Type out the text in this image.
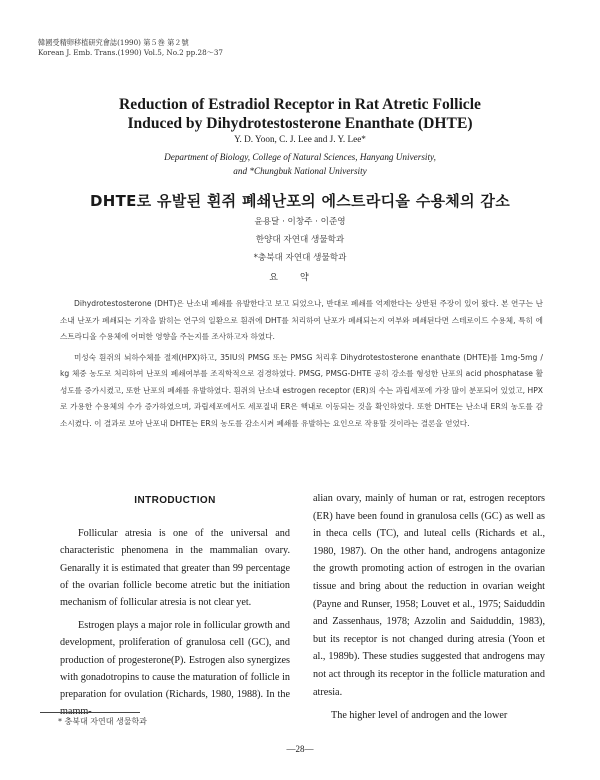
韓國受精卵移植研究會誌(1990) 第５巻 第２號
Korean J. Emb. Trans.(1990) Vol.5, No.2 pp.28～37
Reduction of Estradiol Receptor in Rat Atretic Follicle
Induced by Dihydrotestosterone Enanthate (DHTE)
Y. D. Yoon, C. J. Lee and J. Y. Lee*
Department of Biology, College of Natural Sciences, Hanyang University,
and *Chungbuk National University
DHTE로 유발된 흰쥐 폐쇄난포의 에스트라디올 수용체의 감소
윤용달 · 이창주 · 이준영
한양대 자연대 생물학과
*충북대 자연대 생물학과
요약

Dihydrotestosterone (DHT)은 난소내 폐쇄를 유발한다고 보고 되었으나, 반대로 폐쇄를 억제한다는 상반된 주장이 있어 왔다. 본 연구는 난소내 난포가 폐쇄되는 기작을 밝히는 연구의 일환으로 흰쥐에 DHT를 처리하여 난포가 폐쇄되는지 여부와 폐쇄된다면 스테로이드 수용체, 특히 에스트라디올 수용체에 어떠한 영향을 주는지를 조사하고자 하였다.

미성숙 흰쥐의 뇌하수체를 절제(HPX)하고, 35IU의 PMSG 또는 PMSG 처리후 Dihydrotestosterone enanthate (DHTE)를 1mg-5mg / kg 체중 농도로 처리하여 난포의 폐쇄여부를 조직학적으로 검경하였다. PMSG, PMSG-DHTE 공히 강소를 형성한 난포의 acid phosphatase 활성도를 증가시켰고, 또한 난포의 폐쇄를 유발하였다. 흰쥐의 난소내 estrogen receptor (ER)의 수는 과립세포에 가장 많이 분포되어 있었고, HPX로 가용한 수용체의 수가 증가하였으며, 과립세포에서도 세포질내 ER은 핵내로 이동되는 것을 확인하였다. 또한 DHTE는 난소내 ER의 농도를 감소시켰다. 이 결과로 보아 난포내 DHTE는 ER의 농도를 감소시켜 폐쇄를 유발하는 요인으로 작용할 것이라는 결론을 얻었다.

INTRODUCTION

Follicular atresia is one of the universal and characteristic phenomena in the mammalian ovary. Genarally it is estimated that greater than 99 percentage of the ovarian follicle become atretic but the initiation mechanism of follicular atresia is not clear yet.

Estrogen plays a major role in follicular growth and development, proliferation of granulosa cell (GC), and production of progesterone(P). Estrogen also synergizes with gonadotropins to cause the maturation of follicle in preparation for ovulation (Richards, 1980, 1988). In the mamm-

alian ovary, mainly of human or rat, estrogen receptors (ER) have been found in granulosa cells (GC) as well as in theca cells (TC), and luteal cells (Richards et al., 1980, 1987). On the other hand, androgens antagonize the growth promoting action of estrogen in the ovarian tissue and bring about the reduction in ovarian weight (Payne and Runser, 1958; Louvet et al., 1975; Saiduddin and Zassenhaus, 1978; Azzolin and Saiduddin, 1983), but its receptor is not changed during atresia (Yoon et al., 1989b). These studies suggested that androgens may not act through its receptor in the follicle maturation and atresia.

The higher level of androgen and the lower

* 충북대 자연대 생물학과
—28—
